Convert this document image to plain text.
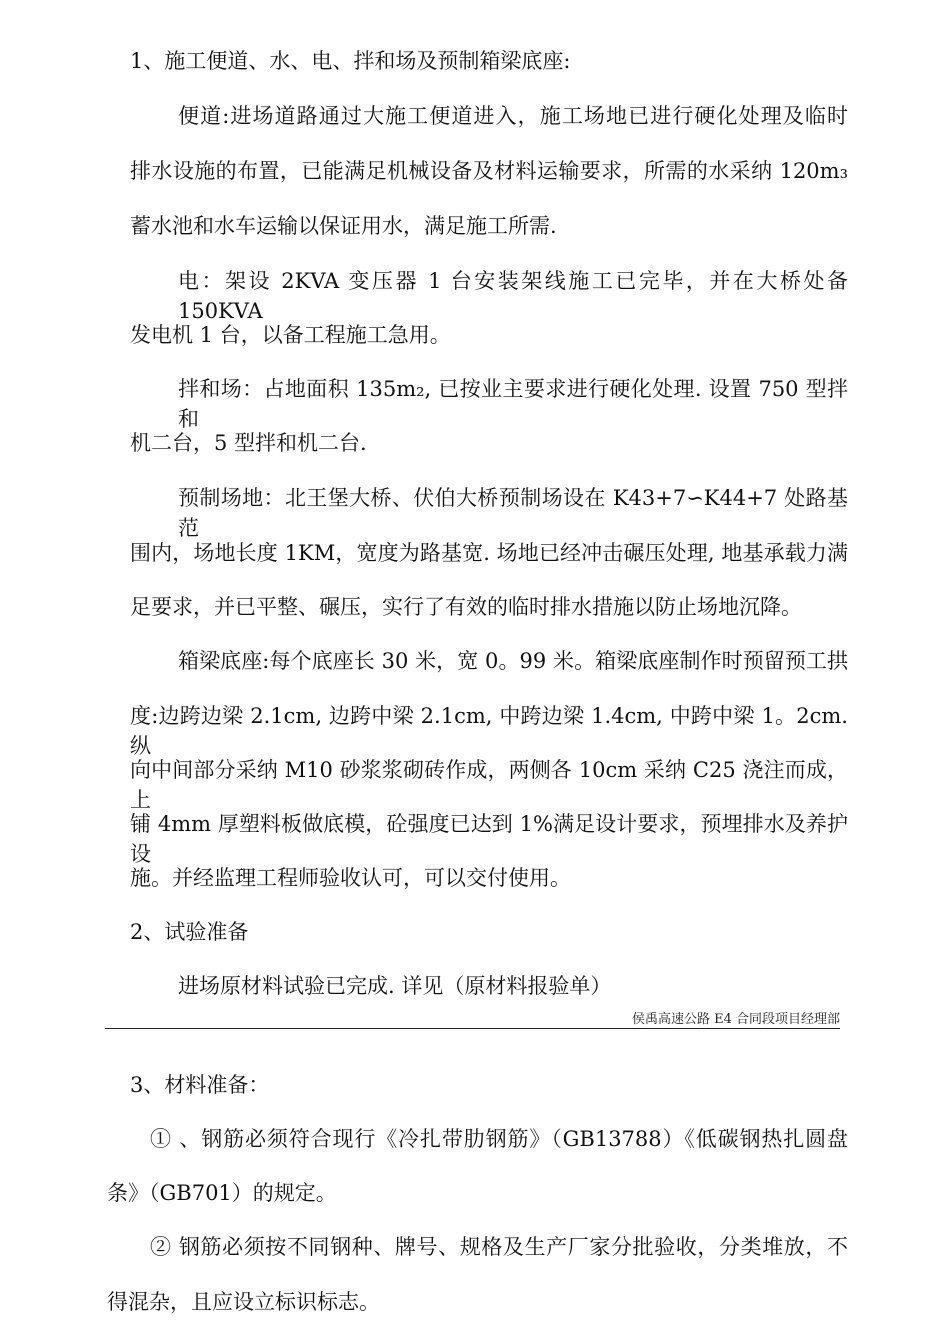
1、施工便道、水、电、拌和场及预制箱梁底座:
便道:进场道路通过大施工便道进入，施工场地已进行硬化处理及临时
排水设施的布置，已能满足机械设备及材料运输要求，所需的水采纳 120m₃
蓄水池和水车运输以保证用水，满足施工所需.
电：架设 2KVA 变压器 1 台安装架线施工已完毕，并在大桥处备 150KVA
发电机 1 台，以备工程施工急用。
拌和场：占地面积 135m₂, 已按业主要求进行硬化处理. 设置 750 型拌和
机二台，5 型拌和机二台.
预制场地：北王堡大桥、伏伯大桥预制场设在 K43+7∽K44+7 处路基范
围内，场地长度 1KM，宽度为路基宽. 场地已经冲击碾压处理, 地基承载力满
足要求，并已平整、碾压，实行了有效的临时排水措施以防止场地沉降。
箱梁底座:每个底座长 30 米，宽 0。99 米。箱梁底座制作时预留预工拱
度:边跨边梁 2.1cm, 边跨中梁 2.1cm, 中跨边梁 1.4cm, 中跨中梁 1。2cm. 纵
向中间部分采纳 M10 砂浆浆砌砖作成，两侧各 10cm 采纳 C25 浇注而成，上
铺 4mm 厚塑料板做底模，砼强度已达到 1%满足设计要求，预埋排水及养护设
施。并经监理工程师验收认可，可以交付使用。
2、试验准备
进场原材料试验已完成. 详见（原材料报验单）
侯禹高速公路 E4 合同段项目经理部
3、材料准备：
① 、钢筋必须符合现行《冷扎带肋钢筋》（GB13788）《低碳钢热扎圆盘
条》（GB701）的规定。
② 钢筋必须按不同钢种、牌号、规格及生产厂家分批验收，分类堆放，不
得混杂，且应设立标识标志。
